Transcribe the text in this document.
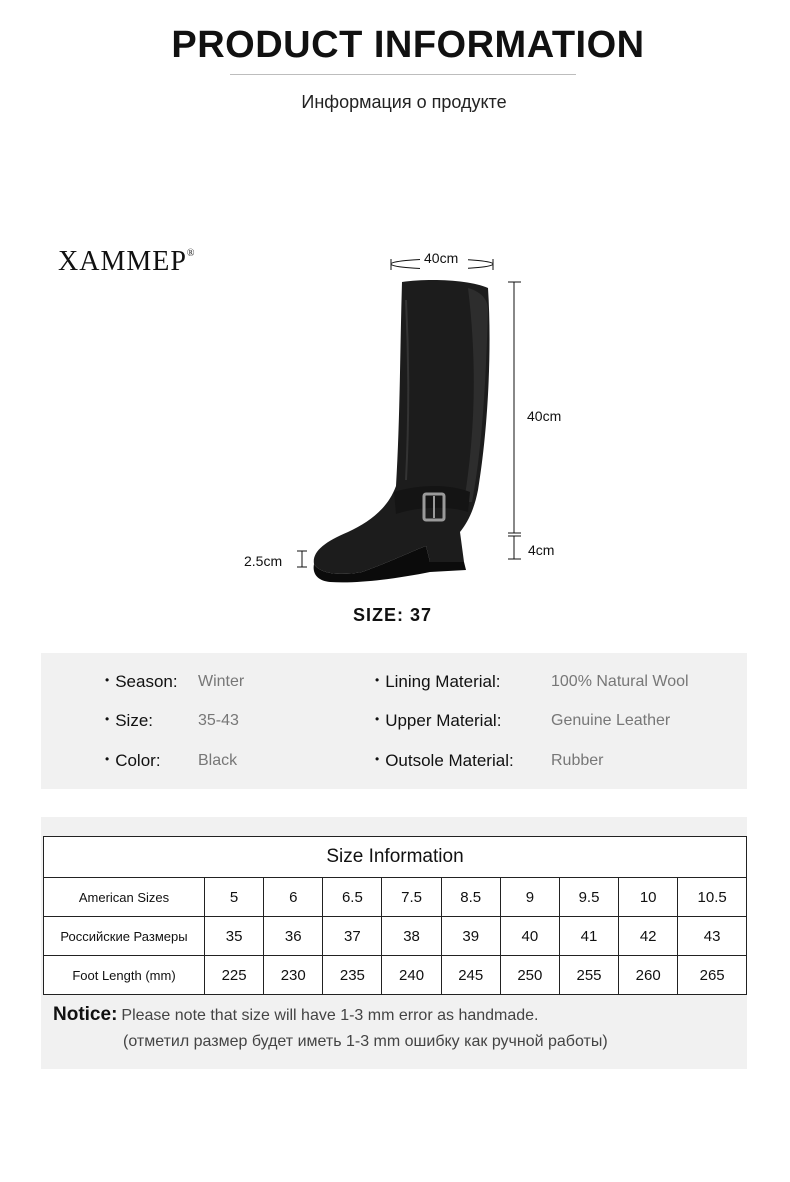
PRODUCT INFORMATION
Информация о продукте
XAMMEP®	40cm
40cm
4cm
2.5cm
SIZE: 37
• Season: Winter
• Size:	35-43
• Color: Black
• Lining Material:	100% Natural Wool
• Upper Material:	Genuine Leather
• Outsole Material: Rubber
Size Information									
American Sizes	5	6	6.5	7.5	8.5	9	9.5	10	10.5
Российские Размеры	35	36	37	38	39	40	41	42	43
Foot Length (mm)	225	230	235	240	245	250	255	260	265
Notice: Please note that size will have 1-3 mm error as handmade.
(отметил размер будет иметь 1-3 mm ошибку как ручной работы)
